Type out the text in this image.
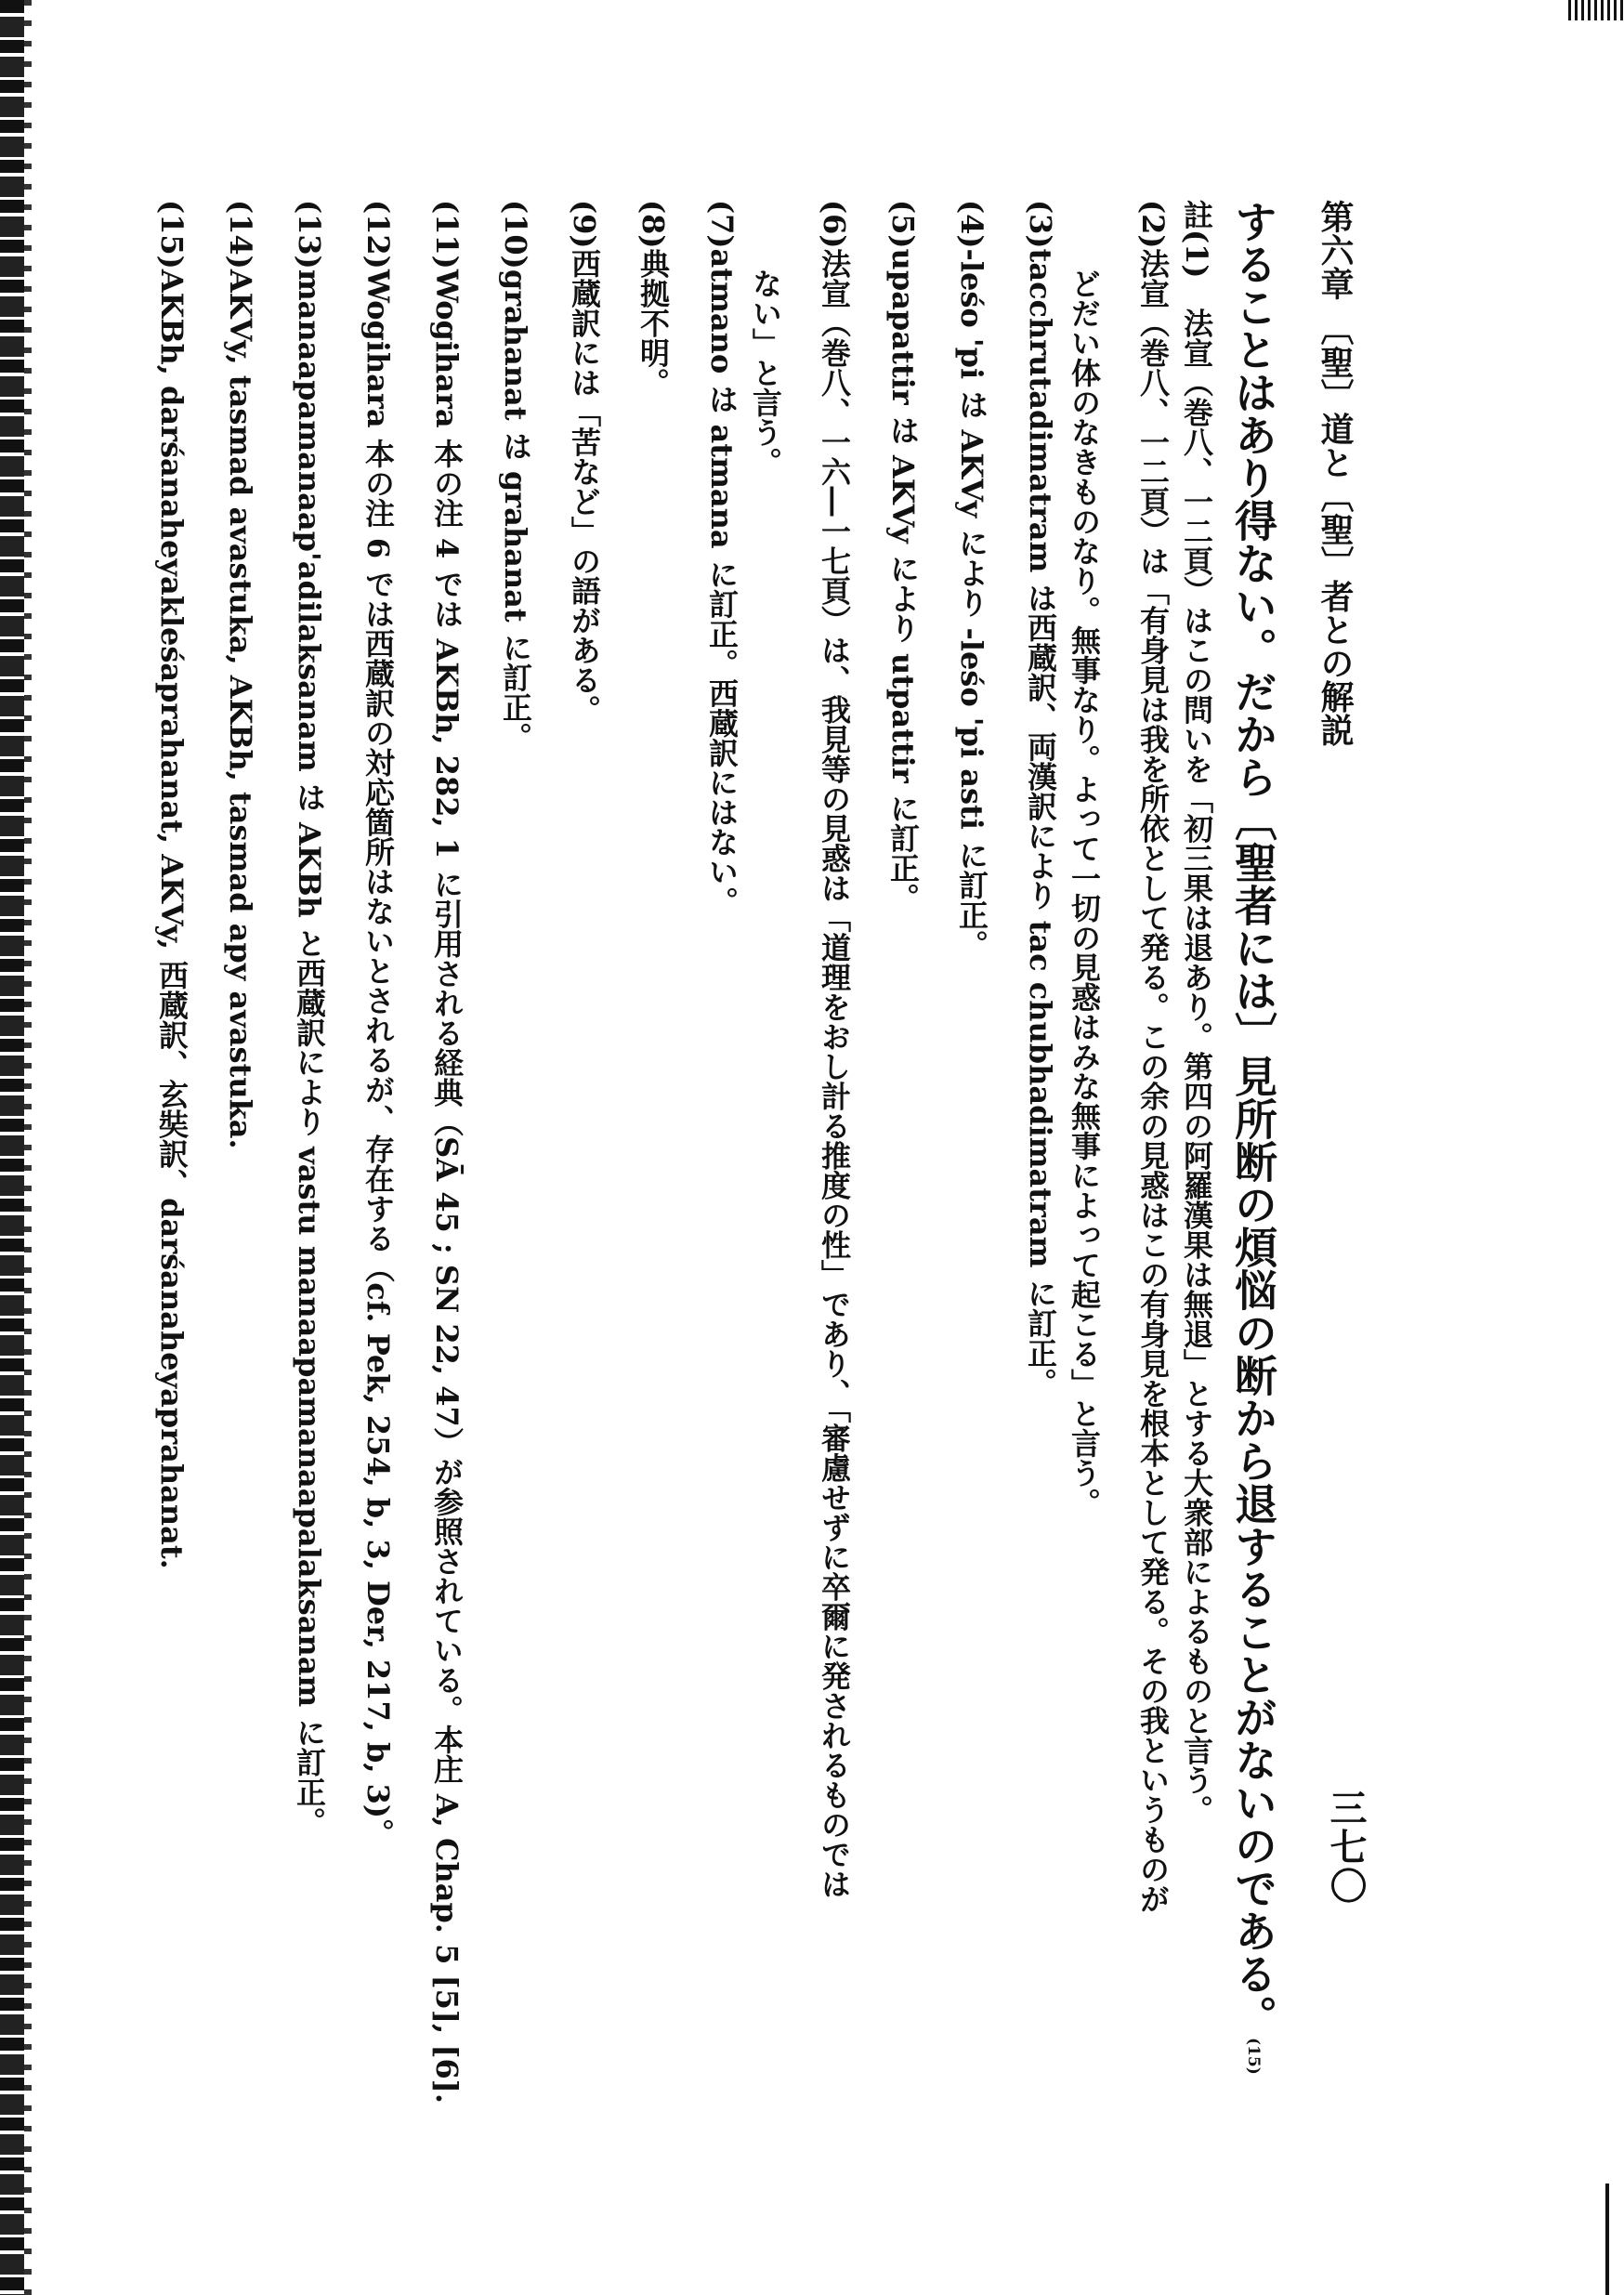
第六章 〔聖〕道と〔聖〕者との解説

することはあり得ない。だから〔聖者には〕見所断の煩悩の断から退することがないのである。(15)

註(1)　法宣（巻八、一二頁）はこの問いを「初三果は退あり。第四の阿羅漢果は無退」とする大衆部によるものと言う。

(2)法宣（巻八、一二頁）は「有身見は我を所依として発る。この余の見惑はこの有身見を根本として発る。その我というものが

どだい体のなきものなり。無事なり。よって一切の見惑はみな無事によって起こる」と言う。

(3)tacchrutadimatram は西蔵訳、両漢訳により tac chubhadimatram に訂正。

(4)-leśo 'pi は AKVy により -leśo 'pi asti に訂正。

(5)upapattir は AKVy により utpattir に訂正。

(6)法宣（巻八、一六―一七頁）は、我見等の見惑は「道理をおし計る推度の性」であり、「審慮せずに卒爾に発されるものでは

ない」と言う。

(7)atmano は atmana に訂正。西蔵訳にはない。

(8)典拠不明。

(9)西蔵訳には「苦など」の語がある。

(10)grahanat は grahanat に訂正。

(11)Wogihara 本の注 4 では AKBh, 282, 1 に引用される経典（SĀ 45 ; SN 22, 47）が参照されている。本庄 A, Chap. 5 [5], [6].

(12)Wogihara 本の注 6 では西蔵訳の対応箇所はないとされるが、存在する（cf. Pek, 254, b, 3, Der, 217, b, 3)。

(13)manaapamanaap'adilaksanam は AKBh と西蔵訳により vastu manaapamanaapalaksanam に訂正。

(14)AKVy, tasmad avastuka, AKBh, tasmad apy avastuka.

(15)AKBh, darśanaheyakleśaprahanat, AKVy, 西蔵訳、玄奘訳、darśanaheyaprahanat.

三七〇
